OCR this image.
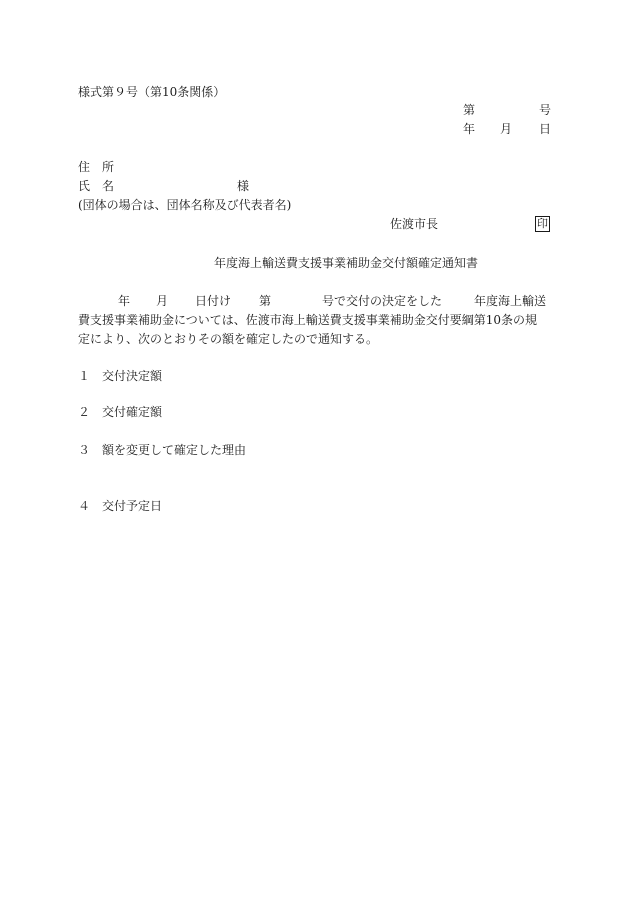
様式第９号（第10条関係）
第	号
年 月 日
住　所
氏　名	様
(団体の場合は、団体名称及び代表者名)
佐渡市長	印
年度海上輸送費支援事業補助金交付額確定通知書
年 月 日付け 第	号で交付の決定をした	年度海上輸送
費支援事業補助金については、佐渡市海上輸送費支援事業補助金交付要綱第10条の規
定により、次のとおりその額を確定したので通知する。
１ 交付決定額
２ 交付確定額
３ 額を変更して確定した理由
４ 交付予定日
